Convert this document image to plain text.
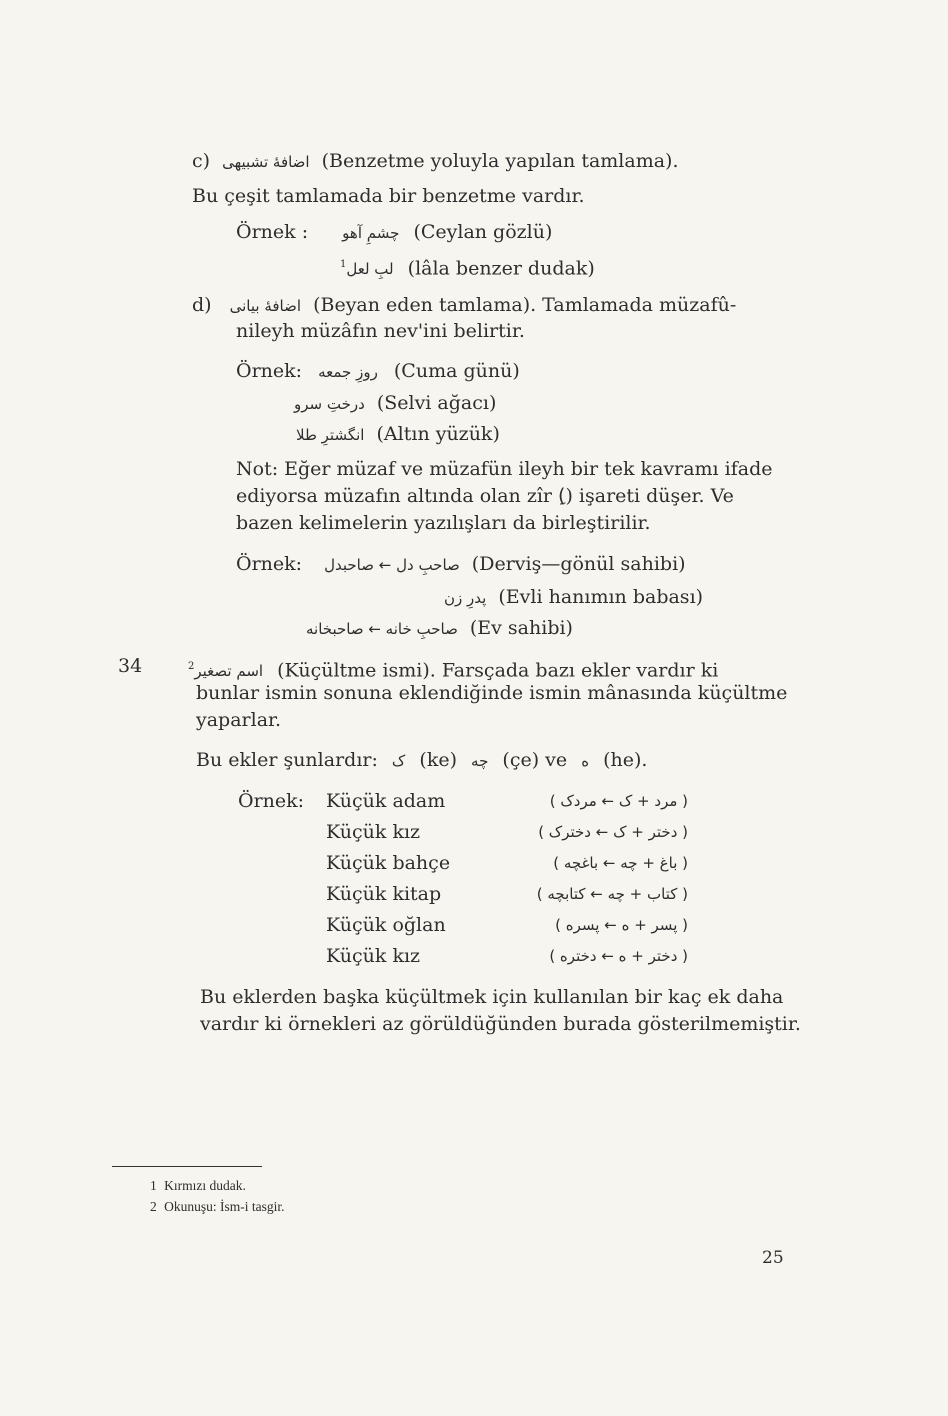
c) اضافهٔ تشبیهی (Benzetme yoluyla yapılan tamlama).
Bu çeşit tamlamada bir benzetme vardır.
Örnek : چشمِ آهو (Ceylan gözlü)
$^1$لبِ لعل (lâla benzer dudak)
d) اضافهٔ بیانی (Beyan eden tamlama). Tamlamada müzafû-
nileyh müzâfın nev'ini belirtir.
Örnek: روزِ جمعه (Cuma günü)
درختِ سرو (Selvi ağacı)
انگشترِ طلا (Altın yüzük)
Not: Eğer müzaf ve müzafün ileyh bir tek kavramı ifade
ediyorsa müzafın altında olan zîr (ِ) işareti düşer. Ve
bazen kelimelerin yazılışları da birleştirilir.
Örnek: صاحبِ دل ← صاحبدل (Derviş—gönül sahibi)
پدرِ زن (Evli hanımın babası)
صاحبِ خانه ← صاحبخانه (Ev sahibi)
34	$^2$اسم تصغیر (Küçültme ismi). Farsçada bazı ekler vardır ki
bunlar ismin sonuna eklendiğinde ismin mânasında küçültme
yaparlar.
Bu ekler şunlardır: ک (ke) چه (çe) ve ه (he).
Örnek: Küçük adam	( مرد + ک ← مردک )
Küçük kız	( دختر + ک ← دخترک )
Küçük bahçe	( باغ + چه ← باغچه )
Küçük kitap	( کتاب + چه ← کتابچه )
Küçük oğlan	( پسر + ه ← پسره )
Küçük kız	( دختر + ه ← دختره )
Bu eklerden başka küçültmek için kullanılan bir kaç ek daha
vardır ki örnekleri az görüldüğünden burada gösterilmemiştir.
1 Kırmızı dudak.
2 Okunuşu: İsm-i tasgir.
25
